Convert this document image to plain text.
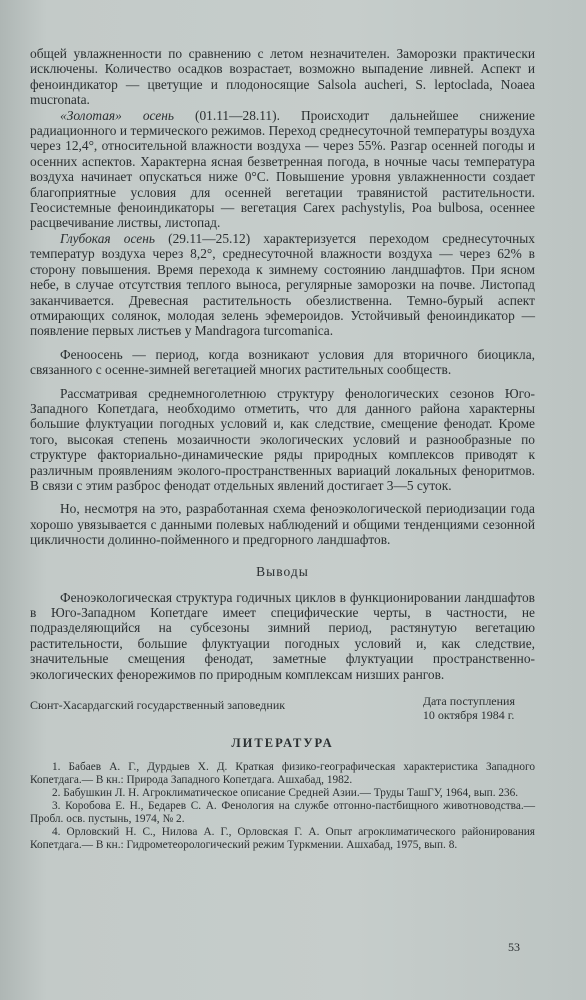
общей увлажненности по сравнению с летом незначителен. Заморозки практически исключены. Количество осадков возрастает, возможно выпадение ливней. Аспект и феноиндикатор — цветущие и плодоносящие Salsola aucheri, S. leptoclada, Noaea mucronata.

«Золотая» осень (01.11—28.11). Происходит дальнейшее снижение радиационного и термического режимов. Переход среднесуточной температуры воздуха через 12,4°, относительной влажности воздуха — через 55%. Разгар осенней погоды и осенних аспектов. Характерна ясная безветренная погода, в ночные часы температура воздуха начинает опускаться ниже 0°С. Повышение уровня увлажненности создает благоприятные условия для осенней вегетации травянистой растительности. Геосистемные феноиндикаторы — вегетация Carex pachystylis, Poa bulbosa, осеннее расцвечивание листвы, листопад.

Глубокая осень (29.11—25.12) характеризуется переходом среднесуточных температур воздуха через 8,2°, среднесуточной влажности воздуха — через 62% в сторону повышения. Время перехода к зимнему состоянию ландшафтов. При ясном небе, в случае отсутствия теплого выноса, регулярные заморозки на почве. Листопад заканчивается. Древесная растительность обезлиственна. Темно-бурый аспект отмирающих солянок, молодая зелень эфемероидов. Устойчивый феноиндикатор — появление первых листьев у Mandragora turcomanica.

Феноосень — период, когда возникают условия для вторичного биоцикла, связанного с осенне-зимней вегетацией многих растительных сообществ.

Рассматривая среднемноголетнюю структуру фенологических сезонов Юго-Западного Копетдага, необходимо отметить, что для данного района характерны большие флуктуации погодных условий и, как следствие, смещение фенодат. Кроме того, высокая степень мозаичности экологических условий и разнообразные по структуре факториально-динамические ряды природных комплексов приводят к различным проявлениям эколого-пространственных вариаций локальных феноритмов. В связи с этим разброс фенодат отдельных явлений достигает 3—5 суток.

Но, несмотря на это, разработанная схема феноэкологической периодизации года хорошо увязывается с данными полевых наблюдений и общими тенденциями сезонной цикличности долинно-пойменного и предгорного ландшафтов.

Выводы

Феноэкологическая структура годичных циклов в функционировании ландшафтов в Юго-Западном Копетдаге имеет специфические черты, в частности, не подразделяющийся на субсезоны зимний период, растянутую вегетацию растительности, большие флуктуации погодных условий и, как следствие, значительные смещения фенодат, заметные флуктуации пространственно-экологических фенорежимов по природным комплексам низших рангов.

Сюнт-Хасардагский государственный заповедник	Дата поступления
10 октября 1984 г.
ЛИТЕРАТУРА
1. Бабаев А. Г., Дурдыев Х. Д. Краткая физико-географическая характеристика Западного Копетдага.— В кн.: Природа Западного Копетдага. Ашхабад, 1982.
2. Бабушкин Л. Н. Агроклиматическое описание Средней Азии.— Труды ТашГУ, 1964, вып. 236.
3. Коробова Е. Н., Бедарев С. А. Фенология на службе отгонно-пастбищного животноводства.— Пробл. осв. пустынь, 1974, № 2.
4. Орловский Н. С., Нилова А. Г., Орловская Г. А. Опыт агроклиматического районирования Копетдага.— В кн.: Гидрометеорологический режим Туркмении. Ашхабад, 1975, вып. 8.
53
